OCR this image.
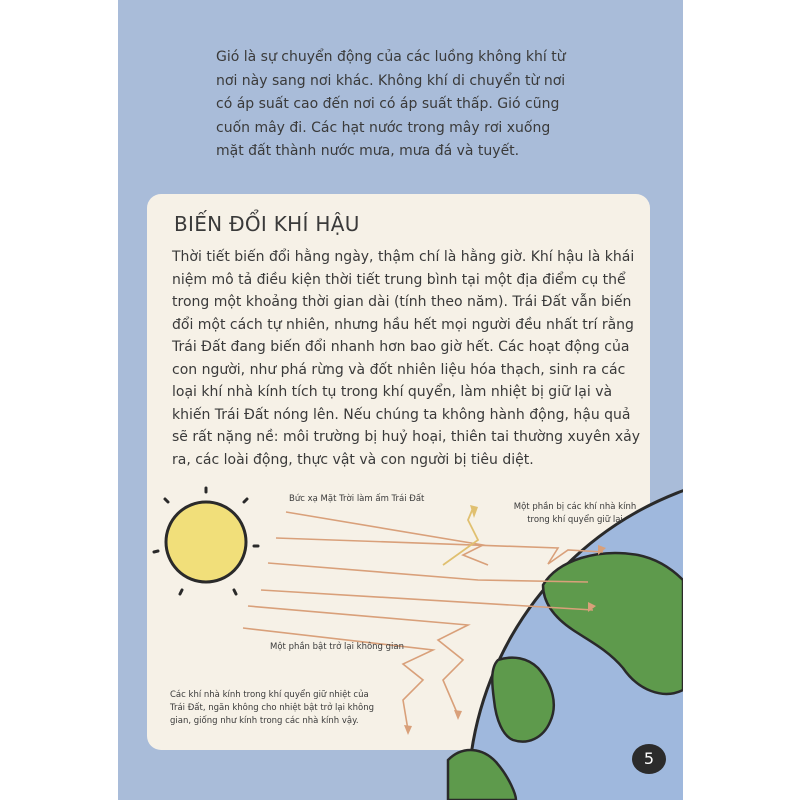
Gió là sự chuyển động của các luồng không khí từ nơi này sang nơi khác. Không khí di chuyển từ nơi có áp suất cao đến nơi có áp suất thấp. Gió cũng cuốn mây đi. Các hạt nước trong mây rơi xuống mặt đất thành nước mưa, mưa đá và tuyết.

BIẾN ĐỔI KHÍ HẬU

Thời tiết biến đổi hằng ngày, thậm chí là hằng giờ. Khí hậu là khái niệm mô tả điều kiện thời tiết trung bình tại một địa điểm cụ thể trong một khoảng thời gian dài (tính theo năm). Trái Đất vẫn biến đổi một cách tự nhiên, nhưng hầu hết mọi người đều nhất trí rằng Trái Đất đang biến đổi nhanh hơn bao giờ hết. Các hoạt động của con người, như phá rừng và đốt nhiên liệu hóa thạch, sinh ra các loại khí nhà kính tích tụ trong khí quyển, làm nhiệt bị giữ lại và khiến Trái Đất nóng lên. Nếu chúng ta không hành động, hậu quả sẽ rất nặng nề: môi trường bị huỷ hoại, thiên tai thường xuyên xảy ra, các loài động, thực vật và con người bị tiêu diệt.

Bức xạ Mặt Trời làm ấm Trái Đất
Một phần bị các khí nhà kính trong khí quyển giữ lại
Một phần bật trở lại không gian
Các khí nhà kính trong khí quyển giữ nhiệt của Trái Đất, ngăn không cho nhiệt bật trở lại không gian, giống như kính trong các nhà kính vậy.
5
